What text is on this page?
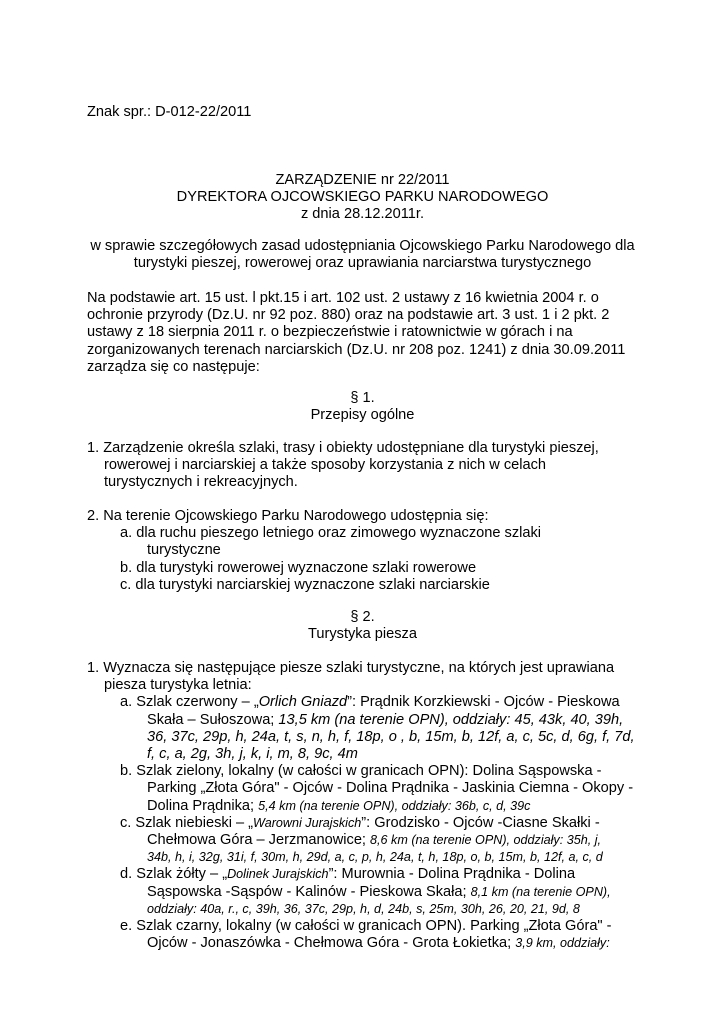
Znak spr.: D-012-22/2011
ZARZĄDZENIE nr 22/2011
DYREKTORA OJCOWSKIEGO PARKU NARODOWEGO
z dnia 28.12.2011r.
w sprawie szczegółowych zasad udostępniania Ojcowskiego Parku Narodowego dla
turystyki pieszej, rowerowej oraz uprawiania narciarstwa turystycznego
Na podstawie art. 15 ust. l pkt.15 i art. 102 ust. 2 ustawy z 16 kwietnia 2004 r. o
ochronie przyrody (Dz.U. nr 92 poz. 880) oraz na podstawie art. 3 ust. 1 i 2 pkt. 2
ustawy z 18 sierpnia 2011 r. o bezpieczeństwie i ratownictwie w górach i na
zorganizowanych terenach narciarskich (Dz.U. nr 208 poz. 1241) z dnia 30.09.2011
zarządza się co następuje:
§ 1.
Przepisy ogólne
1. Zarządzenie określa szlaki, trasy i obiekty udostępniane dla turystyki pieszej,
rowerowej i narciarskiej a także sposoby korzystania z nich w celach
turystycznych i rekreacyjnych.
2. Na terenie Ojcowskiego Parku Narodowego udostępnia się:
a. dla ruchu pieszego letniego oraz zimowego wyznaczone szlaki
turystyczne
b. dla turystyki rowerowej wyznaczone szlaki rowerowe
c. dla turystyki narciarskiej wyznaczone szlaki narciarskie
§ 2.
Turystyka piesza
1. Wyznacza się następujące piesze szlaki turystyczne, na których jest uprawiana
piesza turystyka letnia:
a. Szlak czerwony – „Orlich Gniazd”: Prądnik Korzkiewski - Ojców - Pieskowa
Skała – Sułoszowa; 13,5 km (na terenie OPN), oddziały: 45, 43k, 40, 39h,
36, 37c, 29p, h, 24a, t, s, n, h, f, 18p, o , b, 15m, b, 12f, a, c, 5c, d, 6g, f, 7d,
f, c, a, 2g, 3h, j, k, i, m, 8, 9c, 4m
b. Szlak zielony, lokalny (w całości w granicach OPN): Dolina Sąspowska -
Parking „Złota Góra" - Ojców - Dolina Prądnika - Jaskinia Ciemna - Okopy -
Dolina Prądnika; 5,4 km (na terenie OPN), oddziały: 36b, c, d, 39c
c. Szlak niebieski – „Warowni Jurajskich”: Grodzisko - Ojców -Ciasne Skałki -
Chełmowa Góra – Jerzmanowice; 8,6 km (na terenie OPN), oddziały: 35h, j,
34b, h, i, 32g, 31i, f, 30m, h, 29d, a, c, p, h, 24a, t, h, 18p, o, b, 15m, b, 12f, a, c, d
d. Szlak żółty – „Dolinek Jurajskich”: Murownia - Dolina Prądnika - Dolina
Sąspowska -Sąspów - Kalinów - Pieskowa Skała; 8,1 km (na terenie OPN),
oddziały: 40a, r., c, 39h, 36, 37c, 29p, h, d, 24b, s, 25m, 30h, 26, 20, 21, 9d, 8
e. Szlak czarny, lokalny (w całości w granicach OPN). Parking „Złota Góra" -
Ojców - Jonaszówka - Chełmowa Góra - Grota Łokietka; 3,9 km, oddziały:
